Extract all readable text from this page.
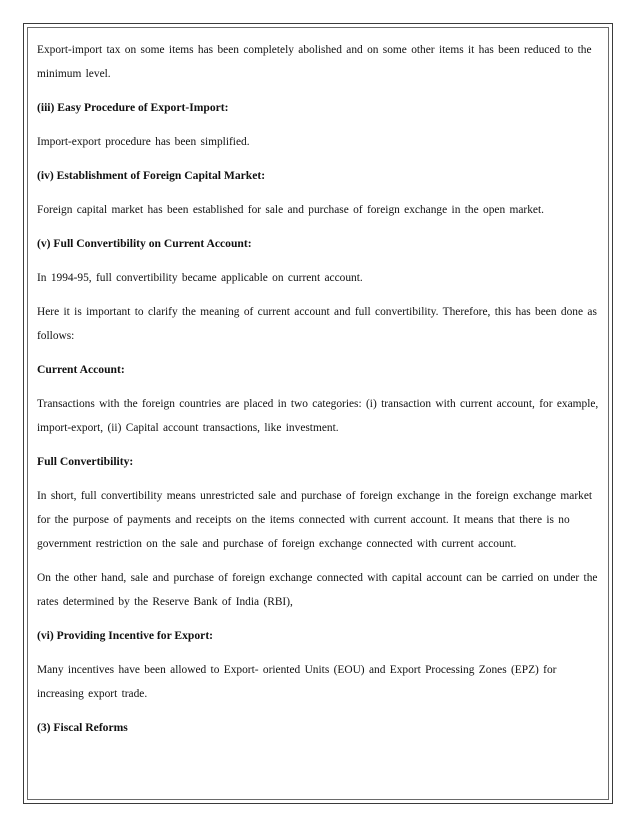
Export-import tax on some items has been completely abolished and on some other items it has been reduced to the minimum level.

(iii) Easy Procedure of Export-Import:

Import-export procedure has been simplified.

(iv) Establishment of Foreign Capital Market:

Foreign capital market has been established for sale and purchase of foreign exchange in the open market.

(v) Full Convertibility on Current Account:

In 1994-95, full convertibility became applicable on current account.

Here it is important to clarify the meaning of current account and full convertibility. Therefore, this has been done as follows:

Current Account:

Transactions with the foreign countries are placed in two categories: (i) transaction with current account, for example, import-export, (ii) Capital account transactions, like investment.

Full Convertibility:

In short, full convertibility means unrestricted sale and purchase of foreign exchange in the foreign exchange market for the purpose of payments and receipts on the items connected with current account. It means that there is no government restriction on the sale and purchase of foreign exchange connected with current account.

On the other hand, sale and purchase of foreign exchange connected with capital account can be carried on under the rates determined by the Reserve Bank of India (RBI),

(vi) Providing Incentive for Export:

Many incentives have been allowed to Export- oriented Units (EOU) and Export Processing Zones (EPZ) for increasing export trade.

(3) Fiscal Reforms
